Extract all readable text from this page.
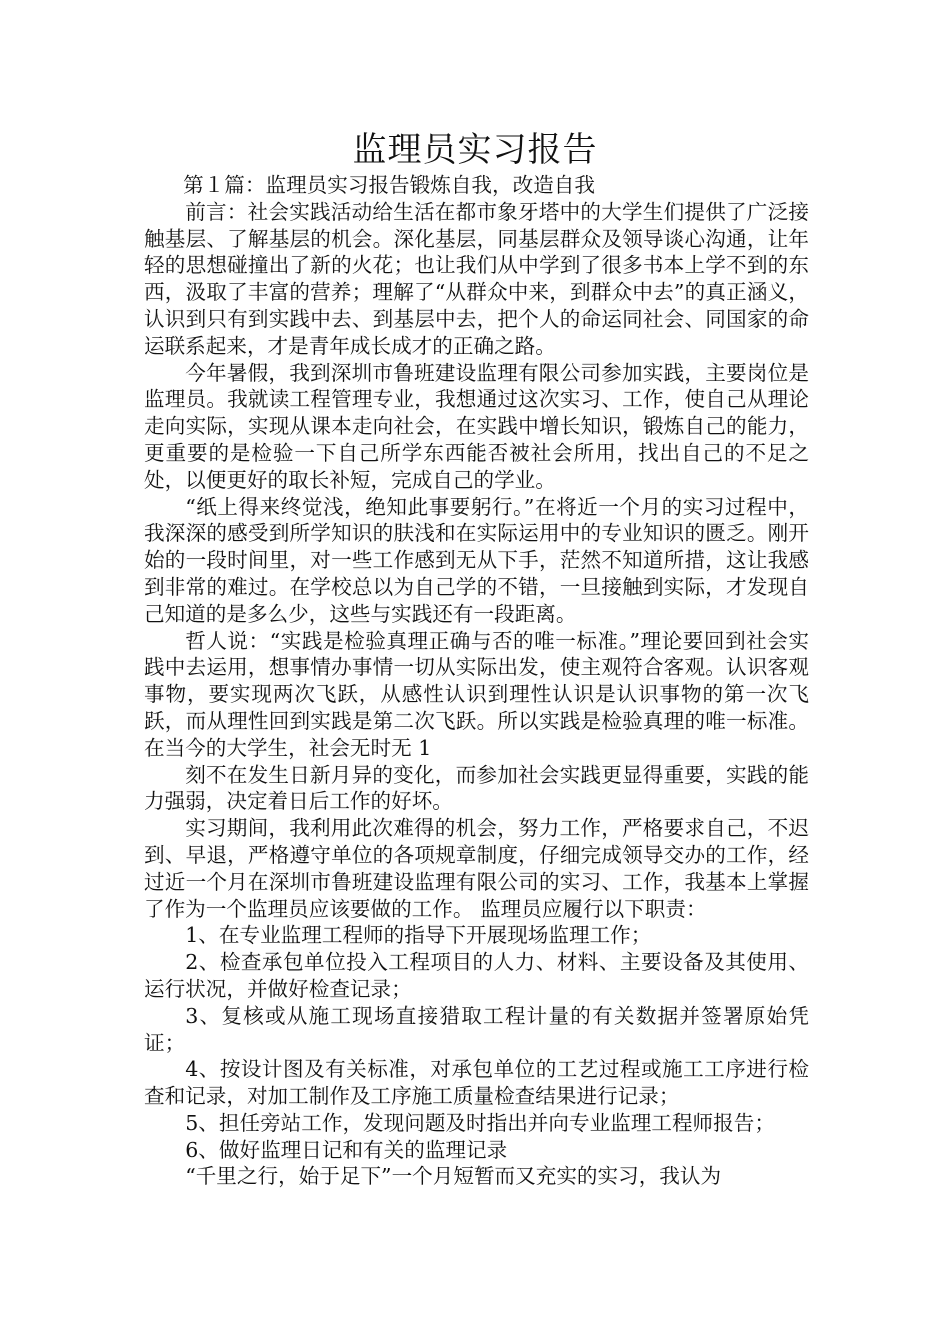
监理员实习报告

第１篇：监理员实习报告锻炼自我，改造自我

前言：社会实践活动给生活在都市象牙塔中的大学生们提供了广泛接触基层、了解基层的机会。深化基层，同基层群众及领导谈心沟通，让年轻的思想碰撞出了新的火花；也让我们从中学到了很多书本上学不到的东西，汲取了丰富的营养；理解了“从群众中来，到群众中去”的真正涵义，认识到只有到实践中去、到基层中去，把个人的命运同社会、同国家的命运联系起来，才是青年成长成才的正确之路。

今年暑假，我到深圳市鲁班建设监理有限公司参加实践，主要岗位是监理员。我就读工程管理专业，我想通过这次实习、工作，使自己从理论走向实际，实现从课本走向社会，在实践中增长知识，锻炼自己的能力，更重要的是检验一下自己所学东西能否被社会所用，找出自己的不足之处，以便更好的取长补短，完成自己的学业。

“纸上得来终觉浅，绝知此事要躬行。”在将近一个月的实习过程中，我深深的感受到所学知识的肤浅和在实际运用中的专业知识的匮乏。刚开始的一段时间里，对一些工作感到无从下手，茫然不知道所措，这让我感到非常的难过。在学校总以为自己学的不错，一旦接触到实际，才发现自己知道的是多么少，这些与实践还有一段距离。

哲人说：“实践是检验真理正确与否的唯一标准。”理论要回到社会实践中去运用，想事情办事情一切从实际出发，使主观符合客观。认识客观事物，要实现两次飞跃，从感性认识到理性认识是认识事物的第一次飞跃，而从理性回到实践是第二次飞跃。所以实践是检验真理的唯一标准。在当今的大学生，社会无时无 1

刻不在发生日新月异的变化，而参加社会实践更显得重要，实践的能力强弱，决定着日后工作的好坏。

实习期间，我利用此次难得的机会，努力工作，严格要求自己，不迟到、早退，严格遵守单位的各项规章制度，仔细完成领导交办的工作，经过近一个月在深圳市鲁班建设监理有限公司的实习、工作，我基本上掌握了作为一个监理员应该要做的工作。 监理员应履行以下职责：

1、在专业监理工程师的指导下开展现场监理工作；

2、检查承包单位投入工程项目的人力、材料、主要设备及其使用、运行状况，并做好检查记录；

3、复核或从施工现场直接猎取工程计量的有关数据并签署原始凭证；

4、按设计图及有关标准，对承包单位的工艺过程或施工工序进行检查和记录，对加工制作及工序施工质量检查结果进行记录；

5、担任旁站工作，发现问题及时指出并向专业监理工程师报告；

6、做好监理日记和有关的监理记录

“千里之行，始于足下”一个月短暂而又充实的实习，我认为
